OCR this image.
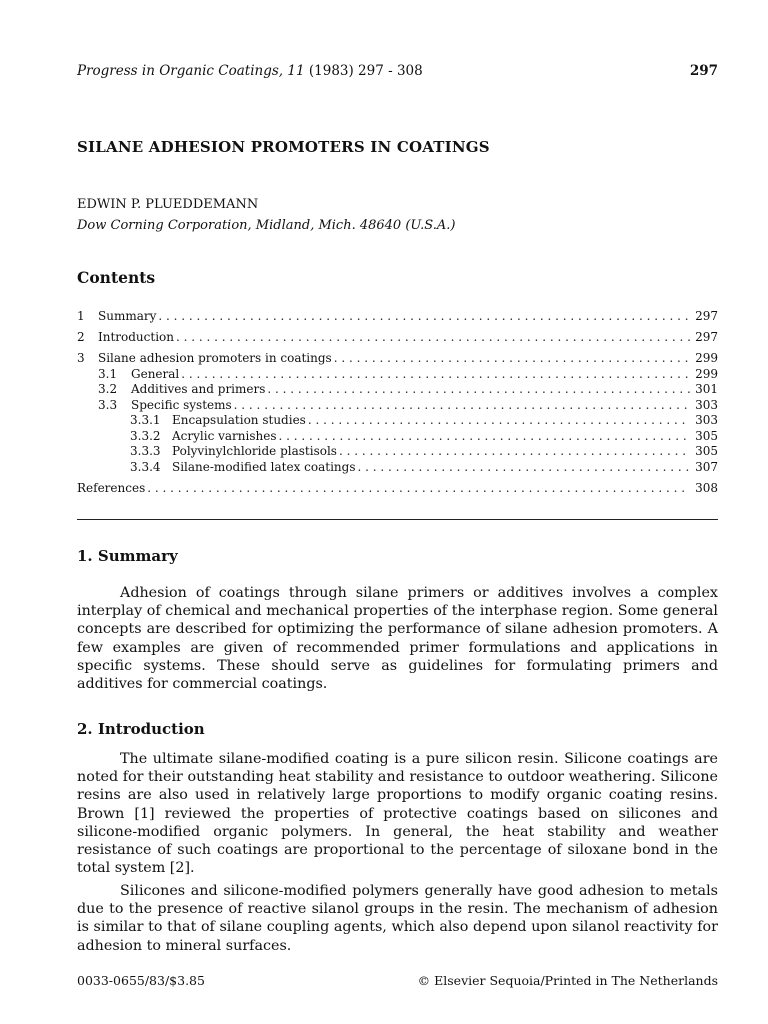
Progress in Organic Coatings, 11 (1983) 297 - 308	297
SILANE ADHESION PROMOTERS IN COATINGS
EDWIN P. PLUEDDEMANN
Dow Corning Corporation, Midland, Mich. 48640 (U.S.A.)
Contents
1	Summary . . .	297
2	Introduction . . .	297
3	Silane adhesion promoters in coatings . . .	299
3.1	General . . .	299
3.2	Additives and primers . . .	301
3.3	Specific systems . . .	303
3.3.1 Encapsulation studies . . .	303
3.3.2 Acrylic varnishes . . .	305
3.3.3 Polyvinylchloride plastisols . . .	305
3.3.4 Silane-modified latex coatings . . .	307
References . . .	308
1. Summary

Adhesion of coatings through silane primers or additives involves a complex interplay of chemical and mechanical properties of the interphase region. Some general concepts are described for optimizing the performance of silane adhesion promoters. A few examples are given of recommended primer formulations and applications in specific systems. These should serve as guidelines for formulating primers and additives for commercial coatings.

2. Introduction

The ultimate silane-modified coating is a pure silicon resin. Silicone coatings are noted for their outstanding heat stability and resistance to outdoor weathering. Silicone resins are also used in relatively large proportions to modify organic coating resins. Brown [1] reviewed the properties of protective coatings based on silicones and silicone-modified organic polymers. In general, the heat stability and weather resistance of such coatings are proportional to the percentage of siloxane bond in the total system [2].

Silicones and silicone-modified polymers generally have good adhesion to metals due to the presence of reactive silanol groups in the resin. The mechanism of adhesion is similar to that of silane coupling agents, which also depend upon silanol reactivity for adhesion to mineral surfaces.

0033-0655/83/$3.85	© Elsevier Sequoia/Printed in The Netherlands
